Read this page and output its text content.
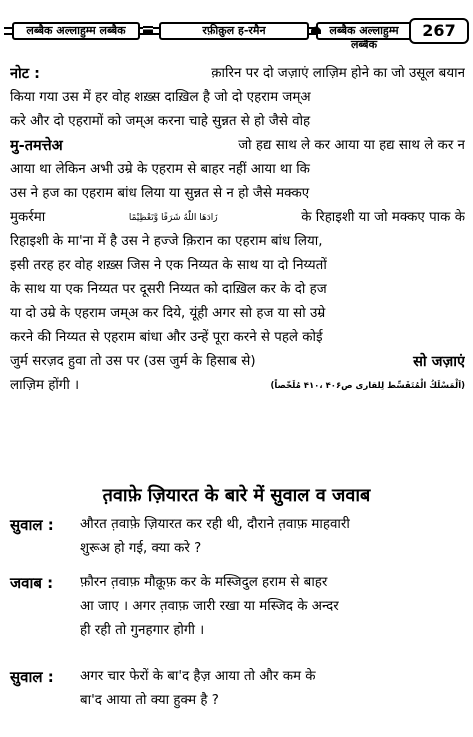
लब्बैक अल्लाहुम्म लब्बैक	रफ़ीक़ुल ह-रमैन	लब्बैक अल्लाहुम्म लब्बैक
267
नोट :	क़ारिन पर दो जज़ाएं लाज़िम होने का जो उसूल बयान
किया गया उस में हर वोह शख़्स दाख़िल है जो दो एहराम जम्अ
करे और दो एहरामों को जम्अ करना चाहे सुन्नत से हो जैसे वोह
मु-तमत्तेअ	जो हद्य साथ ले कर आया या हद्य साथ ले कर न
आया था लेकिन अभी उम्रे के एहराम से बाहर नहीं आया था कि
उस ने हज का एहराम बांध लिया या सुन्नत से न हो जैसे मक्कए
मुकर्रमा	زَادَهَا اللّٰهُ شَرَفًا وَّتَعْظِيْمًا	के रिहाइशी या जो मक्कए पाक के
रिहाइशी के मा'ना में है उस ने हज्जे क़िरान का एहराम बांध लिया,
इसी तरह हर वोह शख़्स जिस ने एक निय्यत के साथ या दो निय्यतों
के साथ या एक निय्यत पर दूसरी निय्यत को दाख़िल कर के दो हज
या दो उम्रे के एहराम जम्अ कर दिये, यूंही अगर सो हज या सो उम्रे
करने की निय्यत से एहराम बांधा और उन्हें पूरा करने से पहले कोई
जुर्म सरज़द हुवा तो उस पर (उस जुर्म के हिसाब से)	सो जज़ाएं
लाज़िम होंगी ।	(اَلْمَسْلَكُ الْمُتَقَسِّط لِلقاری ص۴۰۶ ،۴۱۰ مُلَخّصاً)
त़वाफ़े ज़ियारत के बारे में सुवाल व जवाब
सुवाल : औरत त़वाफ़े ज़ियारत कर रही थी, दौराने त़वाफ़ माहवारी
शुरूअ हो गई, क्या करे ?
जवाब : फ़ौरन त़वाफ़ मौक़ूफ़ कर के मस्जिदुल हराम से बाहर
आ जाए । अगर त़वाफ़ जारी रखा या मस्जिद के अन्दर
ही रही तो गुनहगार होगी ।
सुवाल : अगर चार फेरों के बा'द हैज़ आया तो और कम के
बा'द आया तो क्या हुक्म है ?
